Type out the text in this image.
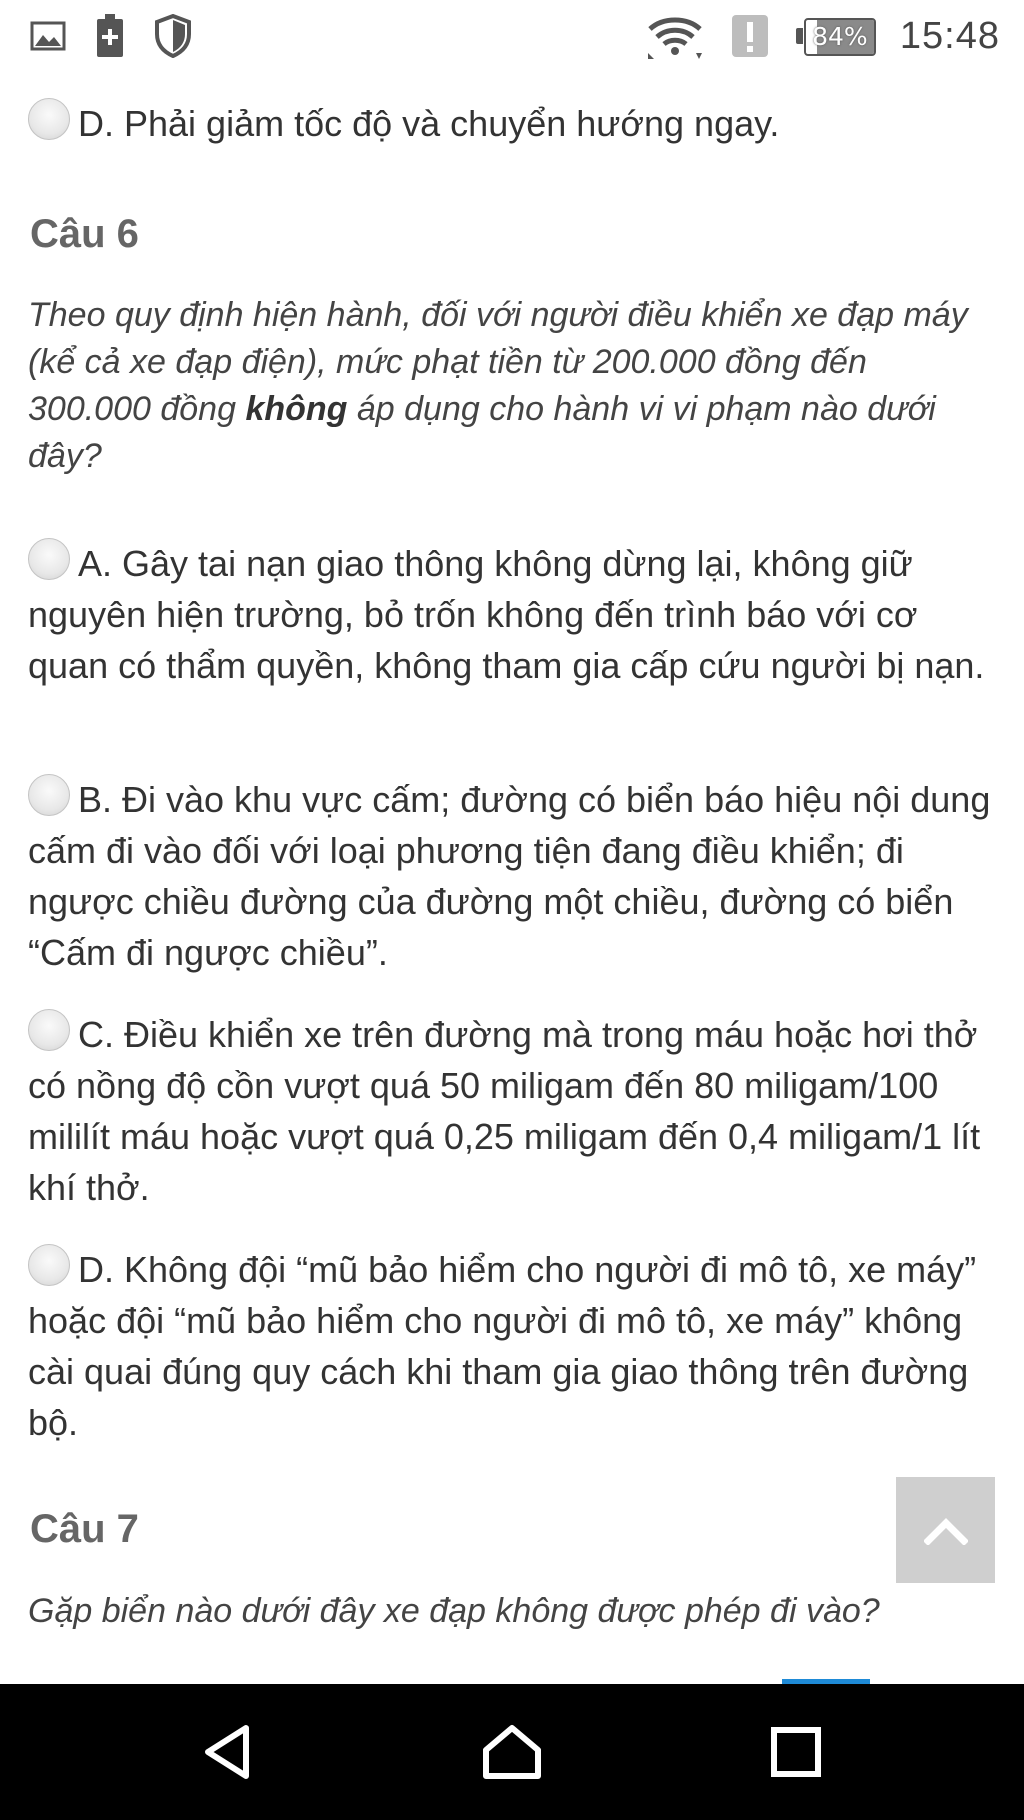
84% 15:48
D. Phải giảm tốc độ và chuyển hướng ngay.
Câu 6
Theo quy định hiện hành, đối với người điều khiển xe đạp máy (kể cả xe đạp điện), mức phạt tiền từ 200.000 đồng đến 300.000 đồng không áp dụng cho hành vi vi phạm nào dưới đây?
A. Gây tai nạn giao thông không dừng lại, không giữ nguyên hiện trường, bỏ trốn không đến trình báo với cơ quan có thẩm quyền, không tham gia cấp cứu người bị nạn.
B. Đi vào khu vực cấm; đường có biển báo hiệu nội dung cấm đi vào đối với loại phương tiện đang điều khiển; đi ngược chiều đường của đường một chiều, đường có biển “Cấm đi ngược chiều”.
C. Điều khiển xe trên đường mà trong máu hoặc hơi thở có nồng độ cồn vượt quá 50 miligam đến 80 miligam/100 mililít máu hoặc vượt quá 0,25 miligam đến 0,4 miligam/1 lít khí thở.
D. Không đội “mũ bảo hiểm cho người đi mô tô, xe máy” hoặc đội “mũ bảo hiểm cho người đi mô tô, xe máy” không cài quai đúng quy cách khi tham gia giao thông trên đường bộ.
Câu 7
Gặp biển nào dưới đây xe đạp không được phép đi vào?
